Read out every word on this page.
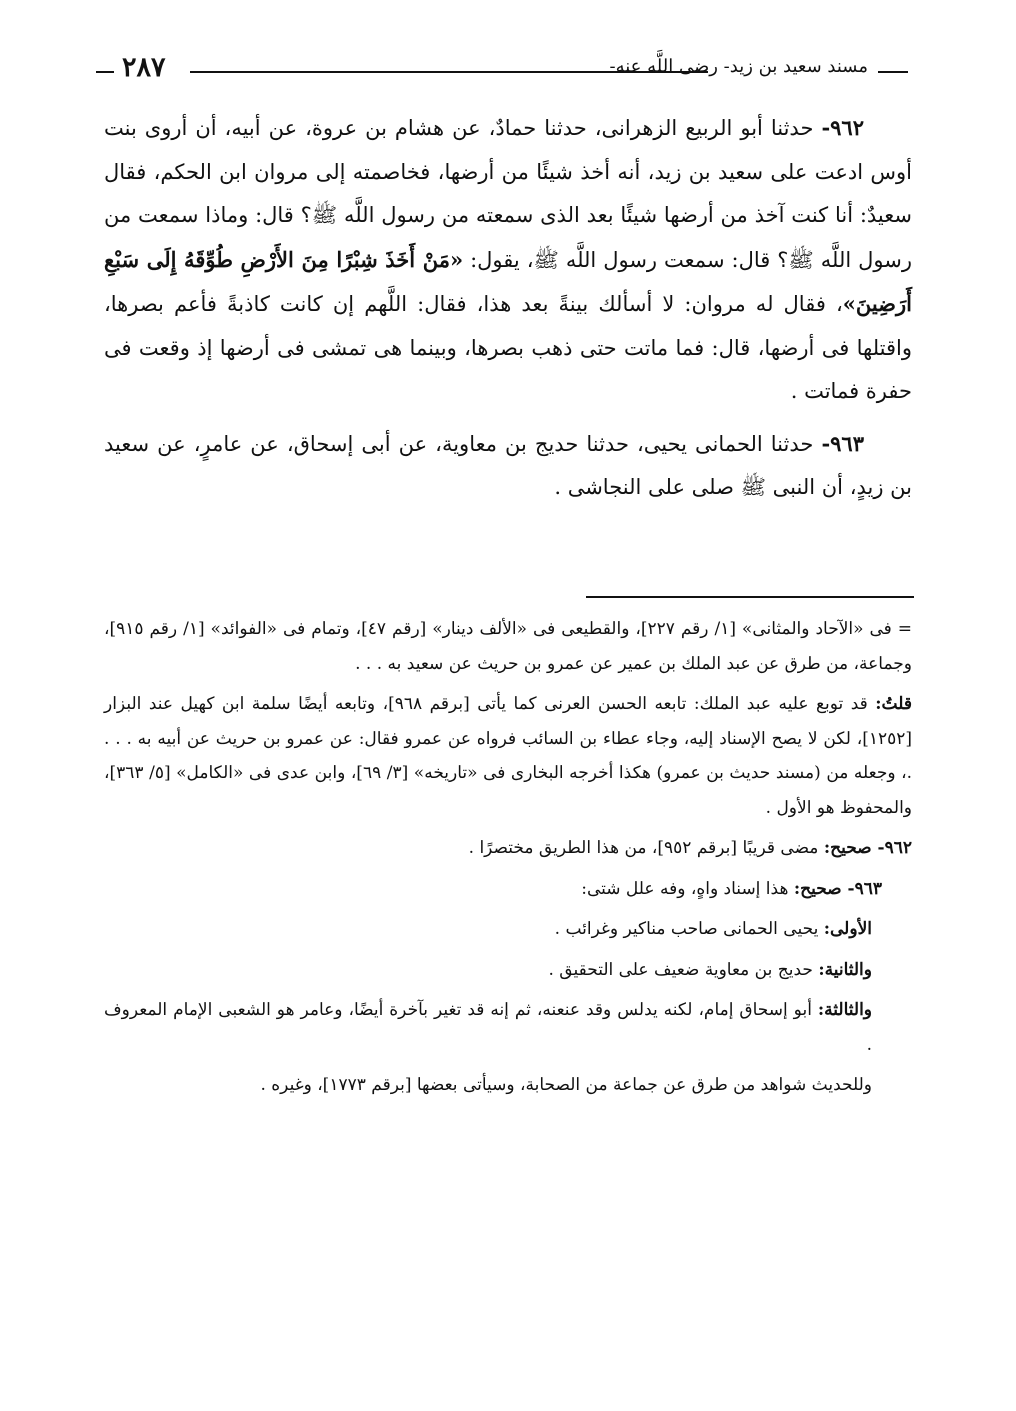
٢٨٧	مسند سعيد بن زيد- رضى اللَّه عنه-

٩٦٢- حدثنا أبو الربيع الزهرانى، حدثنا حمادٌ، عن هشام بن عروة، عن أبيه، أن أروى بنت أوس ادعت على سعيد بن زيد، أنه أخذ شيئًا من أرضها، فخاصمته إلى مروان ابن الحكم، فقال سعيدٌ: أنا كنت آخذ من أرضها شيئًا بعد الذى سمعته من رسول اللَّه ﷺ؟ قال: وماذا سمعت من رسول اللَّه ﷺ؟ قال: سمعت رسول اللَّه ﷺ، يقول: «مَنْ أَخَذَ شِبْرًا مِنَ الأَرْضِ طُوِّقَهُ إِلَى سَبْعِ أَرَضِينَ»، فقال له مروان: لا أسألك بينةً بعد هذا، فقال: اللَّهم إن كانت كاذبةً فأعم بصرها، واقتلها فى أرضها، قال: فما ماتت حتى ذهب بصرها، وبينما هى تمشى فى أرضها إذ وقعت فى حفرة فماتت .

٩٦٣- حدثنا الحمانى يحيى، حدثنا حديج بن معاوية، عن أبى إسحاق، عن عامرٍ، عن سعيد بن زيدٍ، أن النبى ﷺ صلى على النجاشى .

= فى «الآحاد والمثانى» [١/ رقم ٢٢٧]، والقطيعى فى «الألف دينار» [رقم ٤٧]، وتمام فى «الفوائد» [١/ رقم ٩١٥]، وجماعة، من طرق عن عبد الملك بن عمير عن عمرو بن حريث عن سعيد به . . .

قلتُ: قد توبع عليه عبد الملك: تابعه الحسن العرنى كما يأتى [برقم ٩٦٨]، وتابعه أيضًا سلمة ابن كهيل عند البزار [١٢٥٢]، لكن لا يصح الإسناد إليه، وجاء عطاء بن السائب فرواه عن عمرو فقال: عن عمرو بن حريث عن أبيه به . . . .، وجعله من (مسند حديث بن عمرو) هكذا أخرجه البخارى فى «تاريخه» [٣/ ٦٩]، وابن عدى فى «الكامل» [٥/ ٣٦٣]، والمحفوظ هو الأول .

٩٦٢- صحيح: مضى قريبًا [برقم ٩٥٢]، من هذا الطريق مختصرًا .

٩٦٣- صحيح: هذا إسناد واهٍ، وفه علل شتى:

الأولى: يحيى الحمانى صاحب مناكير وغرائب .

والثانية: حديج بن معاوية ضعيف على التحقيق .

والثالثة: أبو إسحاق إمام، لكنه يدلس وقد عنعنه، ثم إنه قد تغير بآخرة أيضًا، وعامر هو الشعبى الإمام المعروف .

وللحديث شواهد من طرق عن جماعة من الصحابة، وسيأتى بعضها [برقم ١٧٧٣]، وغيره .
